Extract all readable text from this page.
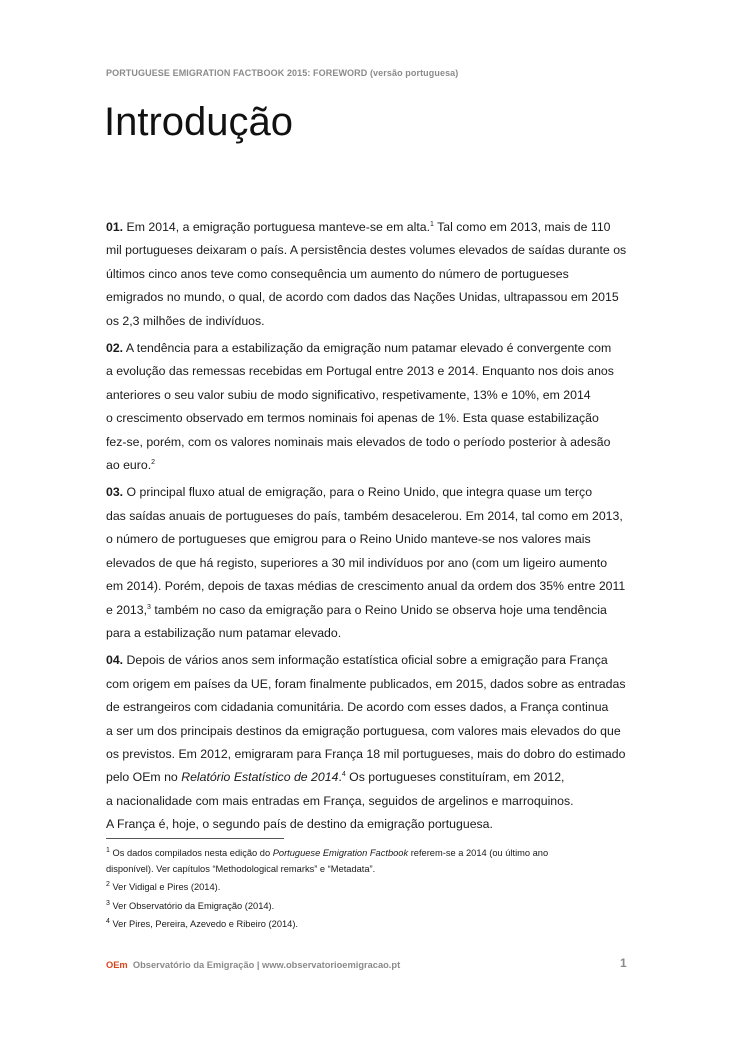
PORTUGUESE EMIGRATION FACTBOOK 2015: FOREWORD (versão portuguesa)
Introdução

01. Em 2014, a emigração portuguesa manteve-se em alta.$^1$ Tal como em 2013, mais de 110
mil portugueses deixaram o país. A persistência destes volumes elevados de saídas durante os
últimos cinco anos teve como consequência um aumento do número de portugueses
emigrados no mundo, o qual, de acordo com dados das Nações Unidas, ultrapassou em 2015
os 2,3 milhões de indivíduos.

02. A tendência para a estabilização da emigração num patamar elevado é convergente com
a evolução das remessas recebidas em Portugal entre 2013 e 2014. Enquanto nos dois anos
anteriores o seu valor subiu de modo significativo, respetivamente, 13% e 10%, em 2014
o crescimento observado em termos nominais foi apenas de 1%. Esta quase estabilização
fez-se, porém, com os valores nominais mais elevados de todo o período posterior à adesão
ao euro.$^2$

03. O principal fluxo atual de emigração, para o Reino Unido, que integra quase um terço
das saídas anuais de portugueses do país, também desacelerou. Em 2014, tal como em 2013,
o número de portugueses que emigrou para o Reino Unido manteve-se nos valores mais
elevados de que há registo, superiores a 30 mil indivíduos por ano (com um ligeiro aumento
em 2014). Porém, depois de taxas médias de crescimento anual da ordem dos 35% entre 2011
e 2013,$^3$ também no caso da emigração para o Reino Unido se observa hoje uma tendência
para a estabilização num patamar elevado.

04. Depois de vários anos sem informação estatística oficial sobre a emigração para França
com origem em países da UE, foram finalmente publicados, em 2015, dados sobre as entradas
de estrangeiros com cidadania comunitária. De acordo com esses dados, a França continua
a ser um dos principais destinos da emigração portuguesa, com valores mais elevados do que
os previstos. Em 2012, emigraram para França 18 mil portugueses, mais do dobro do estimado
pelo OEm no Relatório Estatístico de 2014.$^4$ Os portugueses constituíram, em 2012,
a nacionalidade com mais entradas em França, seguidos de argelinos e marroquinos.
A França é, hoje, o segundo país de destino da emigração portuguesa.

$^1$ Os dados compilados nesta edição do Portuguese Emigration Factbook referem-se a 2014 (ou último ano
disponível). Ver capítulos “Methodological remarks” e “Metadata”.
$^2$ Ver Vidigal e Pires (2014).
$^3$ Ver Observatório da Emigração (2014).
$^4$ Ver Pires, Pereira, Azevedo e Ribeiro (2014).
OEm Observatório da Emigração | www.observatorioemigracao.pt	1
